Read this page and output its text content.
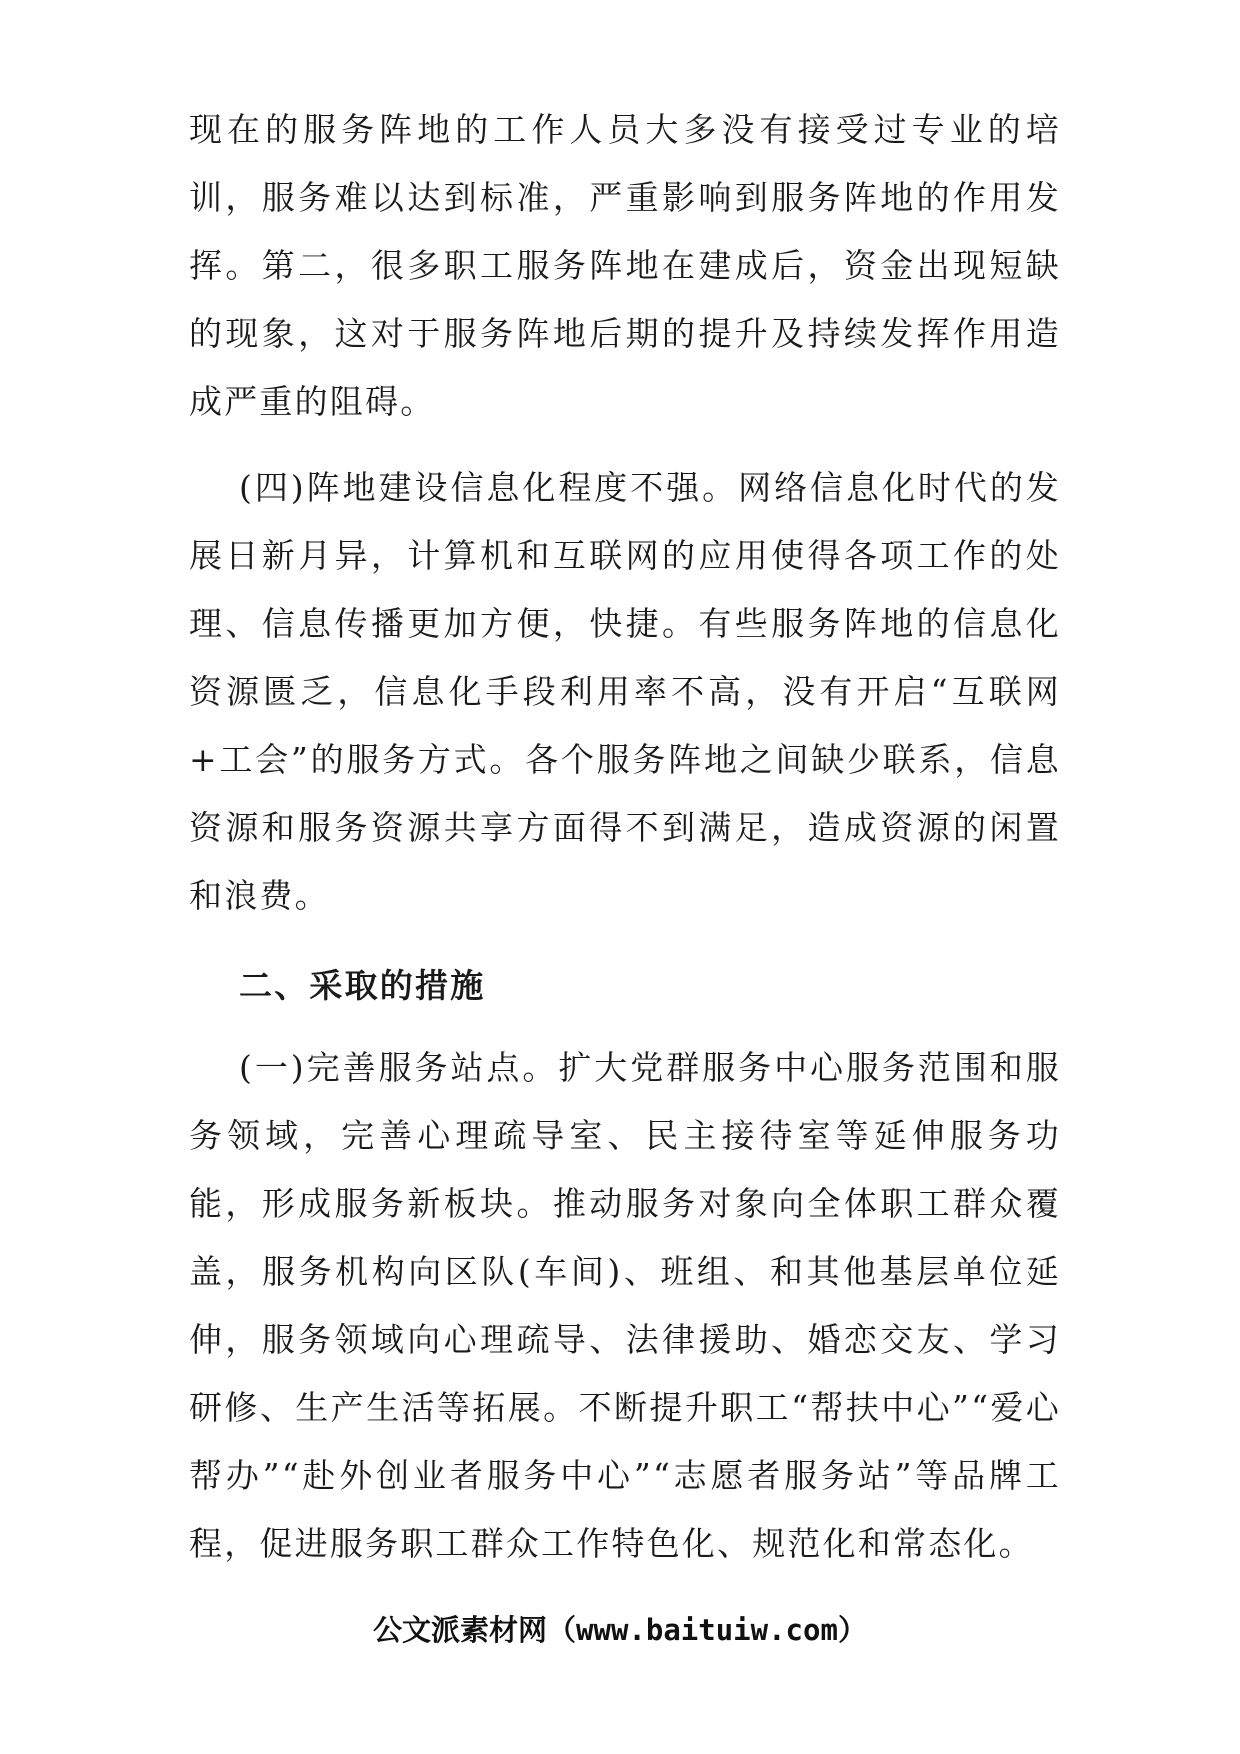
现在的服务阵地的工作人员大多没有接受过专业的培训，服务难以达到标准，严重影响到服务阵地的作用发挥。第二，很多职工服务阵地在建成后，资金出现短缺的现象，这对于服务阵地后期的提升及持续发挥作用造成严重的阻碍。

(四)阵地建设信息化程度不强。网络信息化时代的发展日新月异，计算机和互联网的应用使得各项工作的处理、信息传播更加方便，快捷。有些服务阵地的信息化资源匮乏，信息化手段利用率不高，没有开启“互联网+工会”的服务方式。各个服务阵地之间缺少联系，信息资源和服务资源共享方面得不到满足，造成资源的闲置和浪费。

二、采取的措施

(一)完善服务站点。扩大党群服务中心服务范围和服务领域，完善心理疏导室、民主接待室等延伸服务功能，形成服务新板块。推动服务对象向全体职工群众覆盖，服务机构向区队(车间)、班组、和其他基层单位延伸，服务领域向心理疏导、法律援助、婚恋交友、学习研修、生产生活等拓展。不断提升职工“帮扶中心”“爱心帮办”“赴外创业者服务中心”“志愿者服务站”等品牌工程，促进服务职工群众工作特色化、规范化和常态化。

公文派素材网（www.baituiw.com）
